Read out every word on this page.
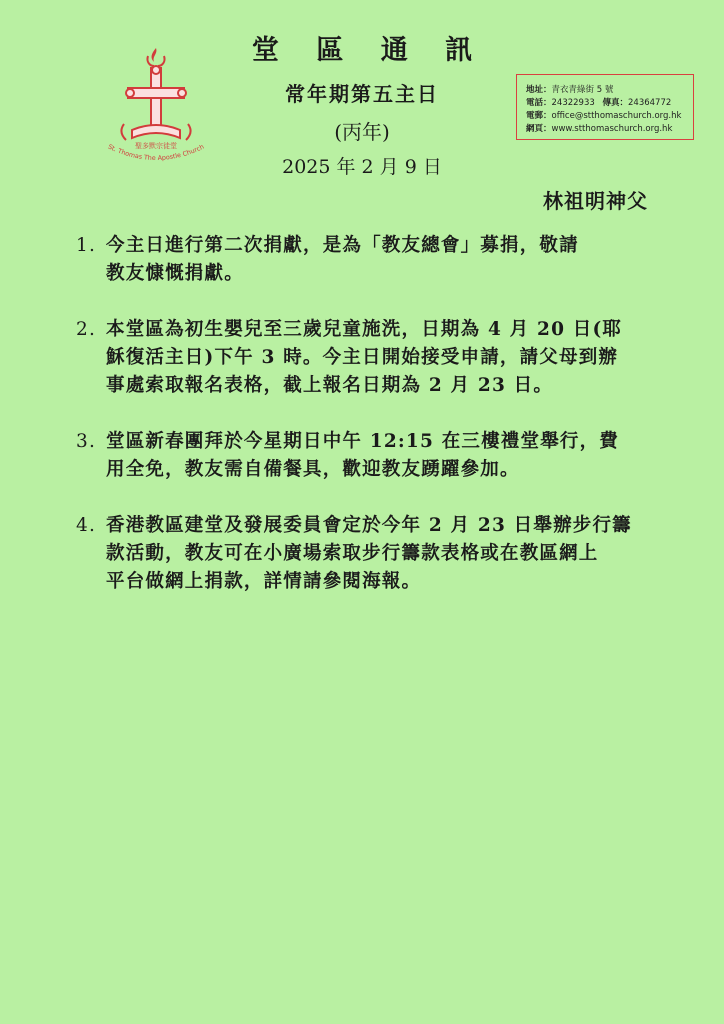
聖多默宗徒堂
St. Thomas The Apostle Church
堂 區 通 訊
常年期第五主日
(丙年)
2025 年 2 月 9 日
地址：青衣青綠街 5 號
電話：24322933 傳真：24364772
電郵：office@stthomaschurch.org.hk
網頁：www.stthomaschurch.org.hk
林祖明神父
1. 今主日進行第二次捐獻，是為「教友總會」募捐，敬請
教友慷慨捐獻。
2. 本堂區為初生嬰兒至三歲兒童施洗，日期為 4 月 20 日(耶
穌復活主日)下午 3 時。今主日開始接受申請，請父母到辦
事處索取報名表格，截上報名日期為 2 月 23 日。
3. 堂區新春團拜於今星期日中午 12:15 在三樓禮堂舉行，費
用全免，教友需自備餐具，歡迎教友踴躍參加。
4. 香港教區建堂及發展委員會定於今年 2 月 23 日舉辦步行籌
款活動，教友可在小廣場索取步行籌款表格或在教區網上
平台做網上捐款，詳情請參閱海報。
